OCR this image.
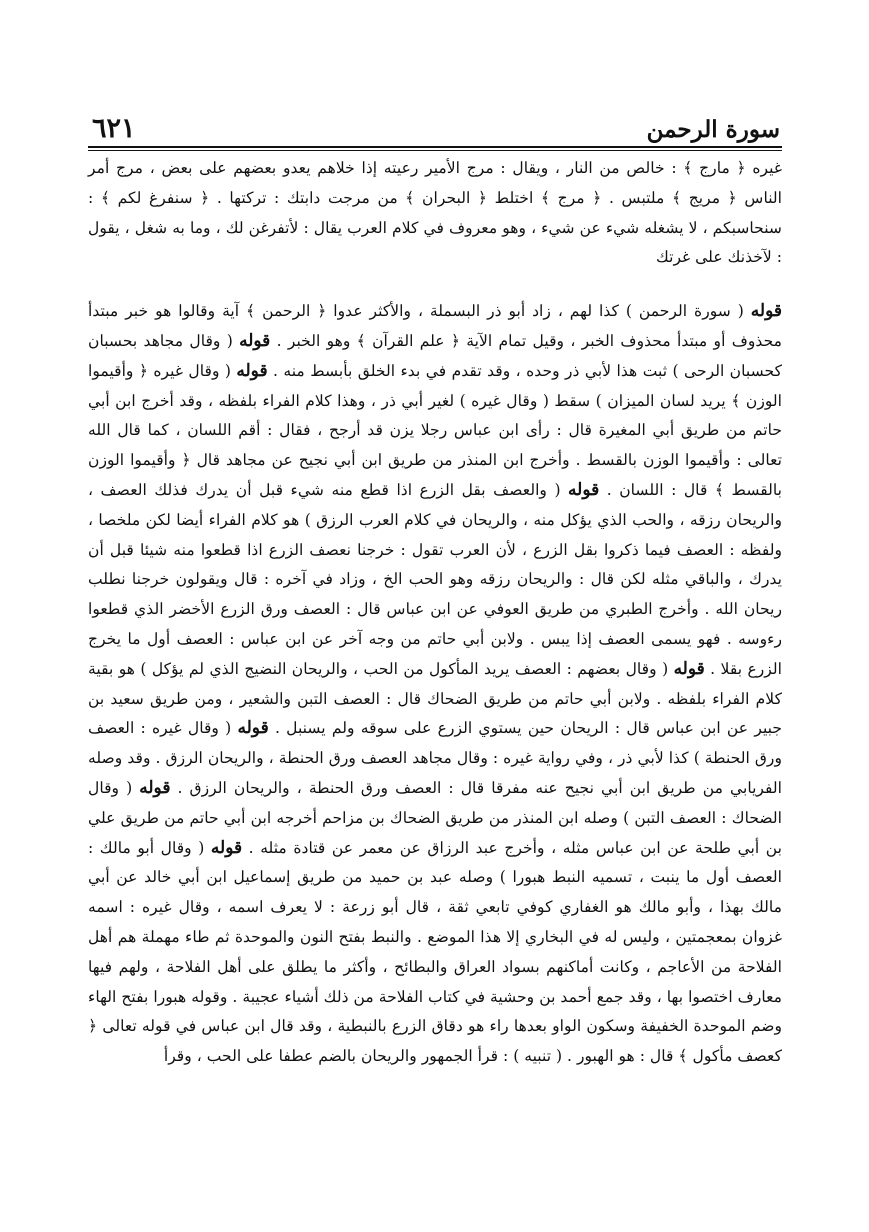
سورة الرحمن
٦٢١

غيره ﴿ مارج ﴾ : خالص من النار ، ويقال : مرج الأمير رعيته إذا خلاهم يعدو بعضهم على بعض ، مرج أمر الناس ﴿ مريج ﴾ ملتبس . ﴿ مرج ﴾ اختلط ﴿ البحران ﴾ من مرجت دابتك : تركتها . ﴿ سنفرغ لكم ﴾ : سنحاسبكم ، لا يشغله شيء عن شيء ، وهو معروف في كلام العرب يقال : لأتفرغن لك ، وما به شغل ، يقول : لآخذنك على غرتك

قوله ( سورة الرحمن ) كذا لهم ، زاد أبو ذر البسملة ، والأكثر عدوا ﴿ الرحمن ﴾ آية وقالوا هو خبر مبتدأ محذوف أو مبتدأ محذوف الخبر ، وقيل تمام الآية ﴿ علم القرآن ﴾ وهو الخبر . قوله ( وقال مجاهد بحسبان كحسبان الرحى ) ثبت هذا لأبي ذر وحده ، وقد تقدم في بدء الخلق بأبسط منه . قوله ( وقال غيره ﴿ وأقيموا الوزن ﴾ يريد لسان الميزان ) سقط ( وقال غيره ) لغير أبي ذر ، وهذا كلام الفراء بلفظه ، وقد أخرج ابن أبي حاتم من طريق أبي المغيرة قال : رأى ابن عباس رجلا يزن قد أرجح ، فقال : أقم اللسان ، كما قال الله تعالى : وأقيموا الوزن بالقسط . وأخرج ابن المنذر من طريق ابن أبي نجيح عن مجاهد قال ﴿ وأقيموا الوزن بالقسط ﴾ قال : اللسان . قوله ( والعصف بقل الزرع اذا قطع منه شيء قبل أن يدرك فذلك العصف ، والريحان رزقه ، والحب الذي يؤكل منه ، والريحان في كلام العرب الرزق ) هو كلام الفراء أيضا لكن ملخصا ، ولفظه : العصف فيما ذكروا بقل الزرع ، لأن العرب تقول : خرجنا نعصف الزرع اذا قطعوا منه شيئا قبل أن يدرك ، والباقي مثله لكن قال : والريحان رزقه وهو الحب الخ ، وزاد في آخره : قال ويقولون خرجنا نطلب ريحان الله . وأخرج الطبري من طريق العوفي عن ابن عباس قال : العصف ورق الزرع الأخضر الذي قطعوا رءوسه . فهو يسمى العصف إذا يبس . ولابن أبي حاتم من وجه آخر عن ابن عباس : العصف أول ما يخرج الزرع بقلا . قوله ( وقال بعضهم : العصف يريد المأكول من الحب ، والريحان النضيج الذي لم يؤكل ) هو بقية كلام الفراء بلفظه . ولابن أبي حاتم من طريق الضحاك قال : العصف التبن والشعير ، ومن طريق سعيد بن جبير عن ابن عباس قال : الريحان حين يستوي الزرع على سوقه ولم يسنبل . قوله ( وقال غيره : العصف ورق الحنطة ) كذا لأبي ذر ، وفي رواية غيره : وقال مجاهد العصف ورق الحنطة ، والريحان الرزق . وقد وصله الفريابي من طريق ابن أبي نجيح عنه مفرقا قال : العصف ورق الحنطة ، والريحان الرزق . قوله ( وقال الضحاك : العصف التبن ) وصله ابن المنذر من طريق الضحاك بن مزاحم أخرجه ابن أبي حاتم من طريق علي بن أبي طلحة عن ابن عباس مثله ، وأخرج عبد الرزاق عن معمر عن قتادة مثله . قوله ( وقال أبو مالك : العصف أول ما ينبت ، تسميه النبط هبورا ) وصله عبد بن حميد من طريق إسماعيل ابن أبي خالد عن أبي مالك بهذا ، وأبو مالك هو الغفاري كوفي تابعي ثقة ، قال أبو زرعة : لا يعرف اسمه ، وقال غيره : اسمه غزوان بمعجمتين ، وليس له في البخاري إلا هذا الموضع . والنبط بفتح النون والموحدة ثم طاء مهملة هم أهل الفلاحة من الأعاجم ، وكانت أماكنهم بسواد العراق والبطائح ، وأكثر ما يطلق على أهل الفلاحة ، ولهم فيها معارف اختصوا بها ، وقد جمع أحمد بن وحشية في كتاب الفلاحة من ذلك أشياء عجيبة . وقوله هبورا بفتح الهاء وضم الموحدة الخفيفة وسكون الواو بعدها راء هو دقاق الزرع بالنبطية ، وقد قال ابن عباس في قوله تعالى ﴿ كعصف مأكول ﴾ قال : هو الهبور . ( تنبيه ) : قرأ الجمهور والريحان بالضم عطفا على الحب ، وقرأ
